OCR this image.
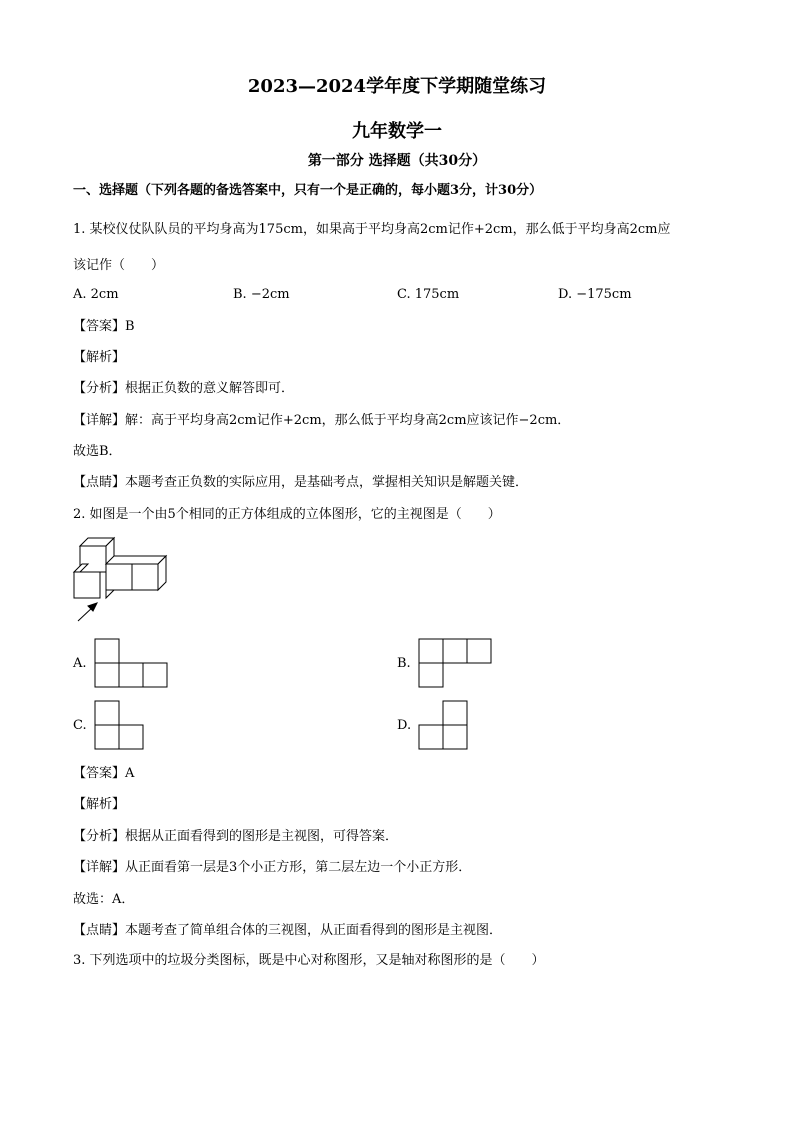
2023—2024学年度下学期随堂练习
九年数学一
第一部分 选择题（共30分）
一、选择题（下列各题的备选答案中，只有一个是正确的，每小题3分，计30分）
1. 某校仪仗队队员的平均身高为175cm，如果高于平均身高2cm记作+2cm，那么低于平均身高2cm应
该记作（　　）
A. 2cm	B. −2cm	C. 175cm	D. −175cm
【答案】B
【解析】
【分析】根据正负数的意义解答即可．
【详解】解：高于平均身高2cm记作+2cm，那么低于平均身高2cm应该记作−2cm．
故选B．
【点睛】本题考查正负数的实际应用，是基础考点，掌握相关知识是解题关键．
2. 如图是一个由5个相同的正方体组成的立体图形，它的主视图是（　　）
A.	B.
C.	D.
【答案】A
【解析】
【分析】根据从正面看得到的图形是主视图，可得答案．
【详解】从正面看第一层是3个小正方形，第二层左边一个小正方形．
故选：A．
【点睛】本题考查了简单组合体的三视图，从正面看得到的图形是主视图．
3. 下列选项中的垃圾分类图标，既是中心对称图形，又是轴对称图形的是（　　）
